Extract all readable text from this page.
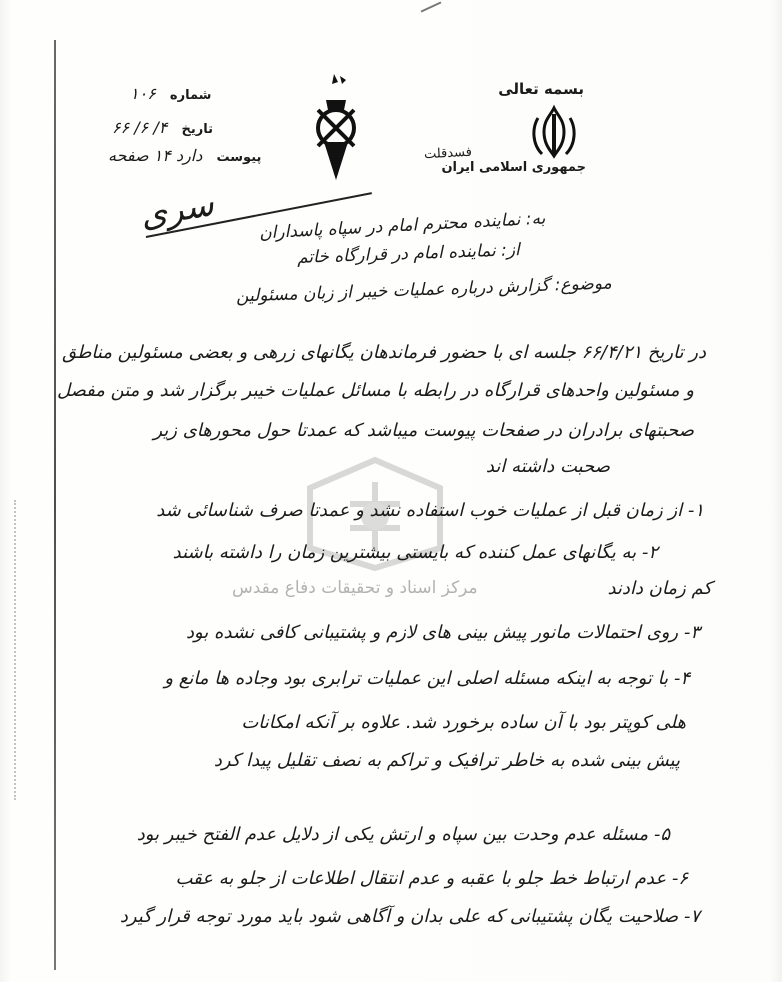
بسمه تعالی
جمهوری اسلامی ایران
فسدقلت
شماره ۱۰۶
تاریخ ۴/ ۶/ ۶۶
پیوست دارد ۱۴ صفحه
سری به: نماینده محترم امام در سپاه پاسداران
از: نماینده امام در قرارگاه خاتم
موضوع: گزارش درباره عملیات خیبر از زبان مسئولین
در تاریخ ۶۶/۴/۲۱ جلسه ای با حضور فرماندهان یگانهای زرهی و بعضی مسئولین مناطق
و مسئولین واحدهای قرارگاه در رابطه با مسائل عملیات خیبر برگزار شد و متن مفصل
صحبتهای برادران در صفحات پیوست میباشد که عمدتا حول محورهای زیر
صحبت داشته اند
مرکز اسناد و تحقیقات دفاع مقدس
۱- از زمان قبل از عملیات خوب استفاده نشد و عمدتا صرف شناسائی شد
۲- به یگانهای عمل کننده که بایستی بیشترین زمان را داشته باشند
کم زمان دادند
۳- روی احتمالات مانور پیش بینی های لازم و پشتیبانی کافی نشده بود
۴- با توجه به اینکه مسئله اصلی این عملیات ترابری بود وجاده ها مانع و
هلی کوپتر بود با آن ساده برخورد شد. علاوه بر آنکه امکانات
پیش بینی شده به خاطر ترافیک و تراکم به نصف تقلیل پیدا کرد
۵- مسئله عدم وحدت بین سپاه و ارتش یکی از دلایل عدم الفتح خیبر بود
۶- عدم ارتباط خط جلو با عقبه و عدم انتقال اطلاعات از جلو به عقب
۷- صلاحیت یگان پشتیبانی که علی بدان و آگاهی شود باید مورد توجه قرار گیرد
